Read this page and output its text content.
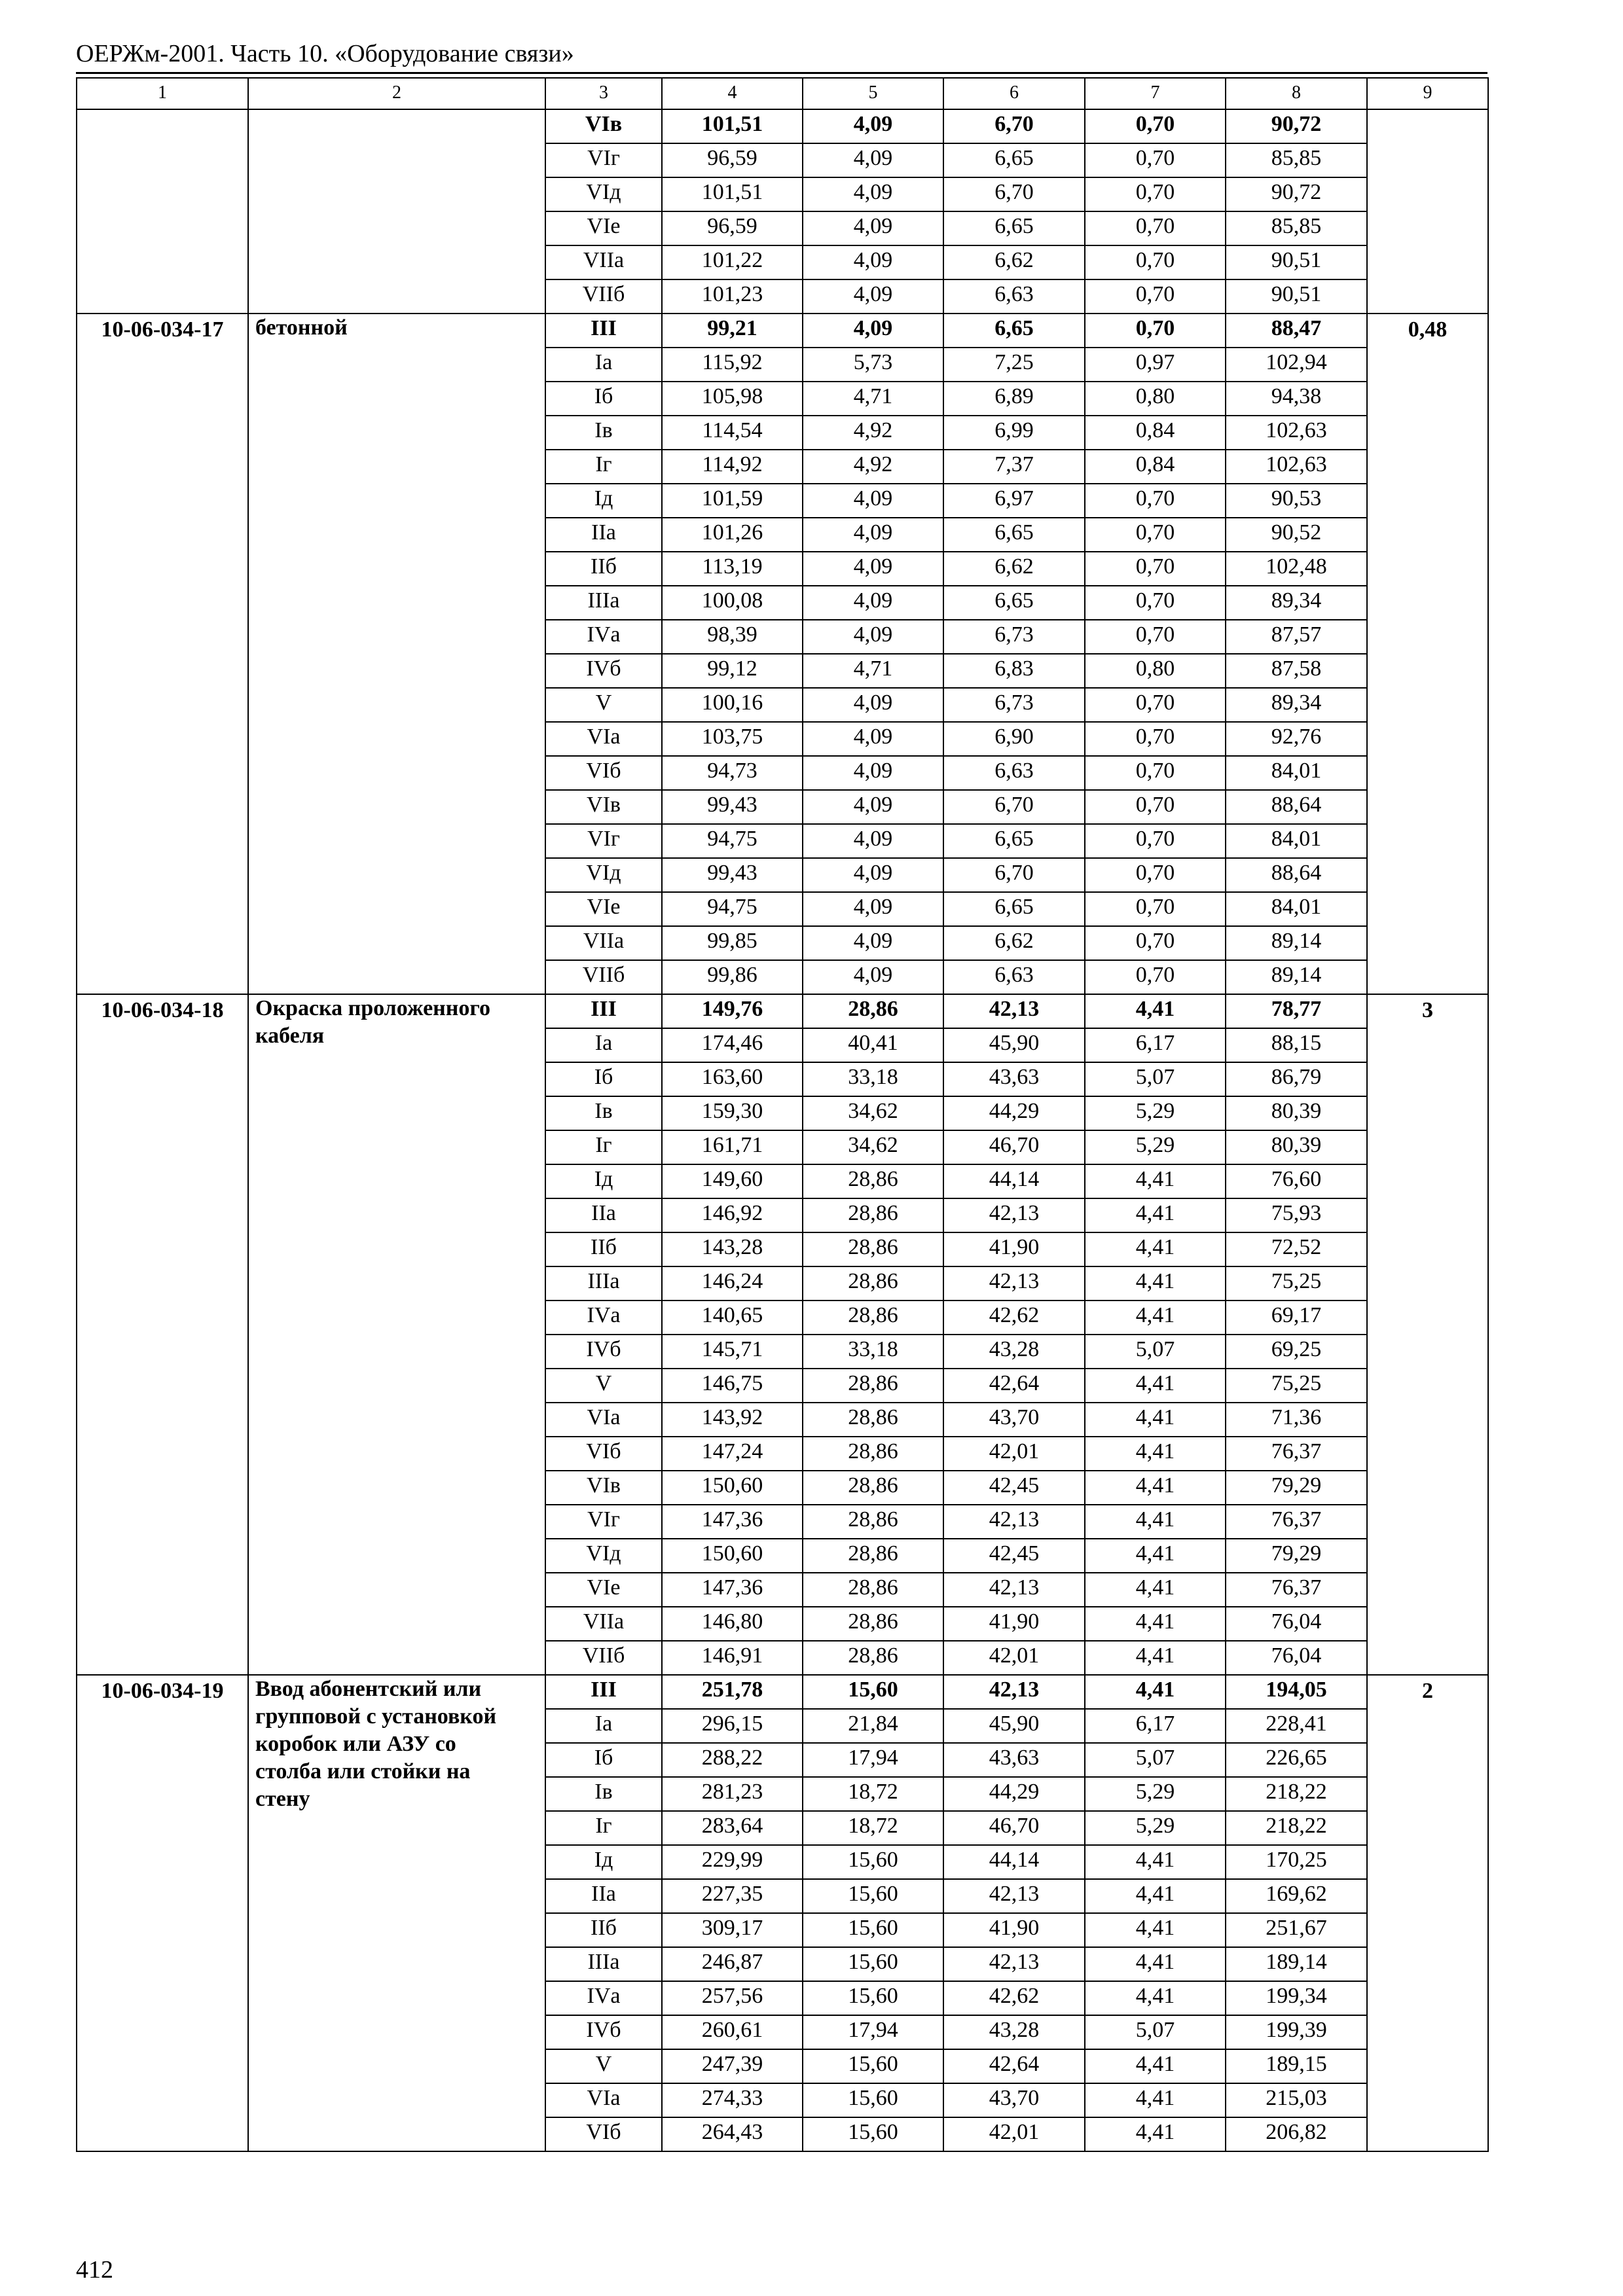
ОЕРЖм-2001. Часть 10. «Оборудование связи»
1	2	3	4	5	6	7	8	9
		VIв	101,51	4,09	6,70	0,70	90,72	
		VIг	96,59	4,09	6,65	0,70	85,85	
		VIд	101,51	4,09	6,70	0,70	90,72	
		VIе	96,59	4,09	6,65	0,70	85,85	
		VIIа	101,22	4,09	6,62	0,70	90,51	
		VIIб	101,23	4,09	6,63	0,70	90,51	
10-06-034-17	бетонной	III	99,21	4,09	6,65	0,70	88,47	0,48
		Iа	115,92	5,73	7,25	0,97	102,94	
		Iб	105,98	4,71	6,89	0,80	94,38	
		Iв	114,54	4,92	6,99	0,84	102,63	
		Iг	114,92	4,92	7,37	0,84	102,63	
		Iд	101,59	4,09	6,97	0,70	90,53	
		IIа	101,26	4,09	6,65	0,70	90,52	
		IIб	113,19	4,09	6,62	0,70	102,48	
		IIIа	100,08	4,09	6,65	0,70	89,34	
		IVа	98,39	4,09	6,73	0,70	87,57	
		IVб	99,12	4,71	6,83	0,80	87,58	
		V	100,16	4,09	6,73	0,70	89,34	
		VIа	103,75	4,09	6,90	0,70	92,76	
		VIб	94,73	4,09	6,63	0,70	84,01	
		VIв	99,43	4,09	6,70	0,70	88,64	
		VIг	94,75	4,09	6,65	0,70	84,01	
		VIд	99,43	4,09	6,70	0,70	88,64	
		VIе	94,75	4,09	6,65	0,70	84,01	
		VIIа	99,85	4,09	6,62	0,70	89,14	
		VIIб	99,86	4,09	6,63	0,70	89,14	
10-06-034-18	Окраска проложенного
кабеля	III	149,76	28,86	42,13	4,41	78,77	3
		Iа	174,46	40,41	45,90	6,17	88,15	
		Iб	163,60	33,18	43,63	5,07	86,79	
		Iв	159,30	34,62	44,29	5,29	80,39	
		Iг	161,71	34,62	46,70	5,29	80,39	
		Iд	149,60	28,86	44,14	4,41	76,60	
		IIа	146,92	28,86	42,13	4,41	75,93	
		IIб	143,28	28,86	41,90	4,41	72,52	
		IIIа	146,24	28,86	42,13	4,41	75,25	
		IVа	140,65	28,86	42,62	4,41	69,17	
		IVб	145,71	33,18	43,28	5,07	69,25	
		V	146,75	28,86	42,64	4,41	75,25	
		VIа	143,92	28,86	43,70	4,41	71,36	
		VIб	147,24	28,86	42,01	4,41	76,37	
		VIв	150,60	28,86	42,45	4,41	79,29	
		VIг	147,36	28,86	42,13	4,41	76,37	
		VIд	150,60	28,86	42,45	4,41	79,29	
		VIе	147,36	28,86	42,13	4,41	76,37	
		VIIа	146,80	28,86	41,90	4,41	76,04	
		VIIб	146,91	28,86	42,01	4,41	76,04	
10-06-034-19	Ввод абонентский или
групповой с установкой
коробок или АЗУ со
столба или стойки на
стену	III	251,78	15,60	42,13	4,41	194,05	2
		Iа	296,15	21,84	45,90	6,17	228,41	
		Iб	288,22	17,94	43,63	5,07	226,65	
		Iв	281,23	18,72	44,29	5,29	218,22	
		Iг	283,64	18,72	46,70	5,29	218,22	
		Iд	229,99	15,60	44,14	4,41	170,25	
		IIа	227,35	15,60	42,13	4,41	169,62	
		IIб	309,17	15,60	41,90	4,41	251,67	
		IIIа	246,87	15,60	42,13	4,41	189,14	
		IVа	257,56	15,60	42,62	4,41	199,34	
		IVб	260,61	17,94	43,28	5,07	199,39	
		V	247,39	15,60	42,64	4,41	189,15	
		VIа	274,33	15,60	43,70	4,41	215,03	
		VIб	264,43	15,60	42,01	4,41	206,82	
412
